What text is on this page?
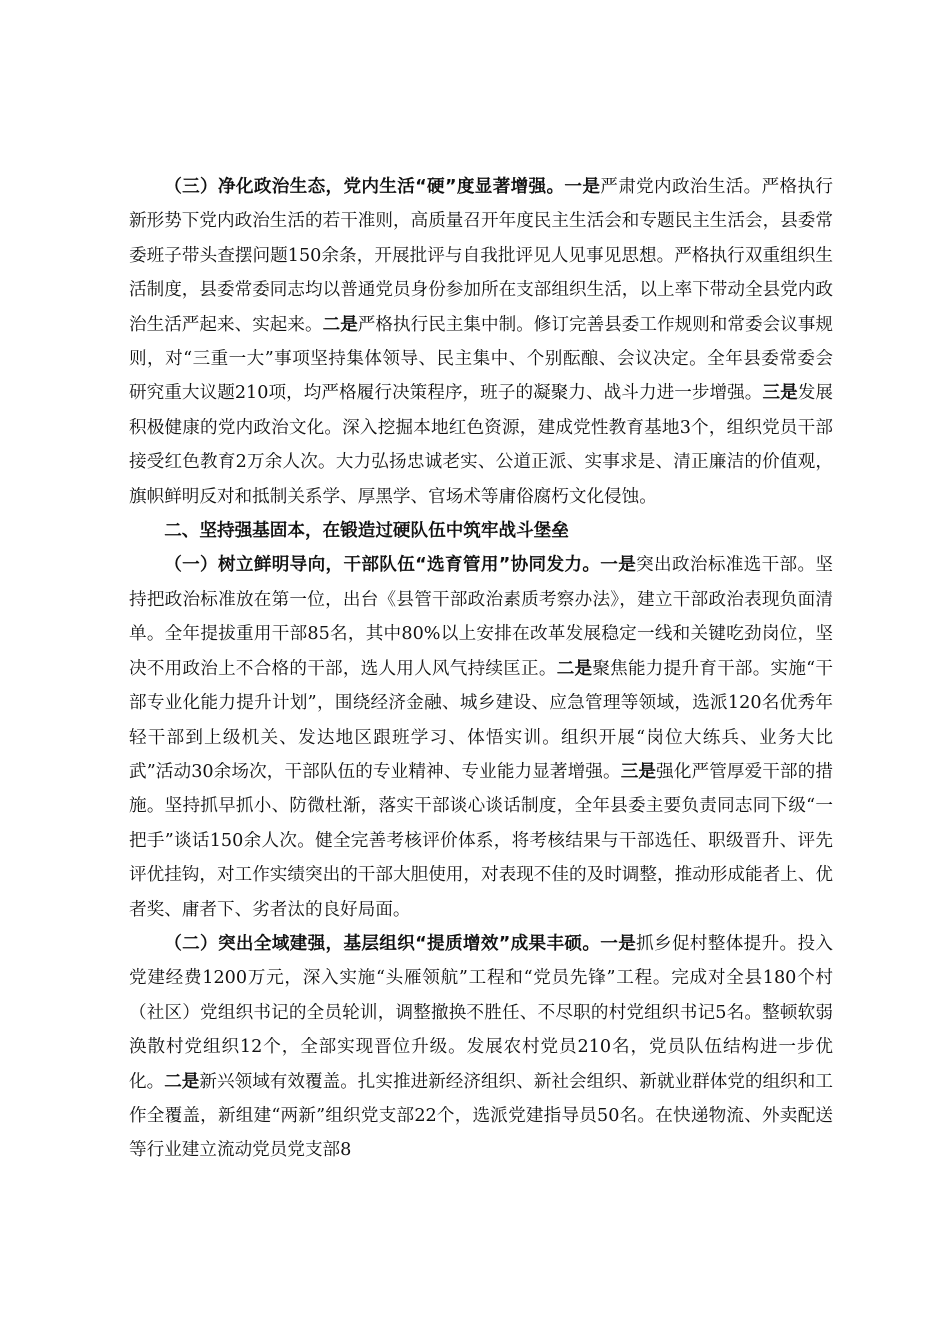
（三）净化政治生态，党内生活“硬”度显著增强。一是严肃党内政治生活。严格执行新形势下党内政治生活的若干准则，高质量召开年度民主生活会和专题民主生活会，县委常委班子带头查摆问题150余条，开展批评与自我批评见人见事见思想。严格执行双重组织生活制度，县委常委同志均以普通党员身份参加所在支部组织生活，以上率下带动全县党内政治生活严起来、实起来。二是严格执行民主集中制。修订完善县委工作规则和常委会议事规则，对“三重一大”事项坚持集体领导、民主集中、个别酝酿、会议决定。全年县委常委会研究重大议题210项，均严格履行决策程序，班子的凝聚力、战斗力进一步增强。三是发展积极健康的党内政治文化。深入挖掘本地红色资源，建成党性教育基地3个，组织党员干部接受红色教育2万余人次。大力弘扬忠诚老实、公道正派、实事求是、清正廉洁的价值观，旗帜鲜明反对和抵制关系学、厚黑学、官场术等庸俗腐朽文化侵蚀。

二、坚持强基固本，在锻造过硬队伍中筑牢战斗堡垒

（一）树立鲜明导向，干部队伍“选育管用”协同发力。一是突出政治标准选干部。坚持把政治标准放在第一位，出台《县管干部政治素质考察办法》，建立干部政治表现负面清单。全年提拔重用干部85名，其中80%以上安排在改革发展稳定一线和关键吃劲岗位，坚决不用政治上不合格的干部，选人用人风气持续匡正。二是聚焦能力提升育干部。实施“干部专业化能力提升计划”，围绕经济金融、城乡建设、应急管理等领域，选派120名优秀年轻干部到上级机关、发达地区跟班学习、体悟实训。组织开展“岗位大练兵、业务大比武”活动30余场次，干部队伍的专业精神、专业能力显著增强。三是强化严管厚爱干部的措施。坚持抓早抓小、防微杜渐，落实干部谈心谈话制度，全年县委主要负责同志同下级“一把手”谈话150余人次。健全完善考核评价体系，将考核结果与干部选任、职级晋升、评先评优挂钩，对工作实绩突出的干部大胆使用，对表现不佳的及时调整，推动形成能者上、优者奖、庸者下、劣者汰的良好局面。

（二）突出全域建强，基层组织“提质增效”成果丰硕。一是抓乡促村整体提升。投入党建经费1200万元，深入实施“头雁领航”工程和“党员先锋”工程。完成对全县180个村（社区）党组织书记的全员轮训，调整撤换不胜任、不尽职的村党组织书记5名。整顿软弱涣散村党组织12个，全部实现晋位升级。发展农村党员210名，党员队伍结构进一步优化。二是新兴领域有效覆盖。扎实推进新经济组织、新社会组织、新就业群体党的组织和工作全覆盖，新组建“两新”组织党支部22个，选派党建指导员50名。在快递物流、外卖配送等行业建立流动党员党支部8
